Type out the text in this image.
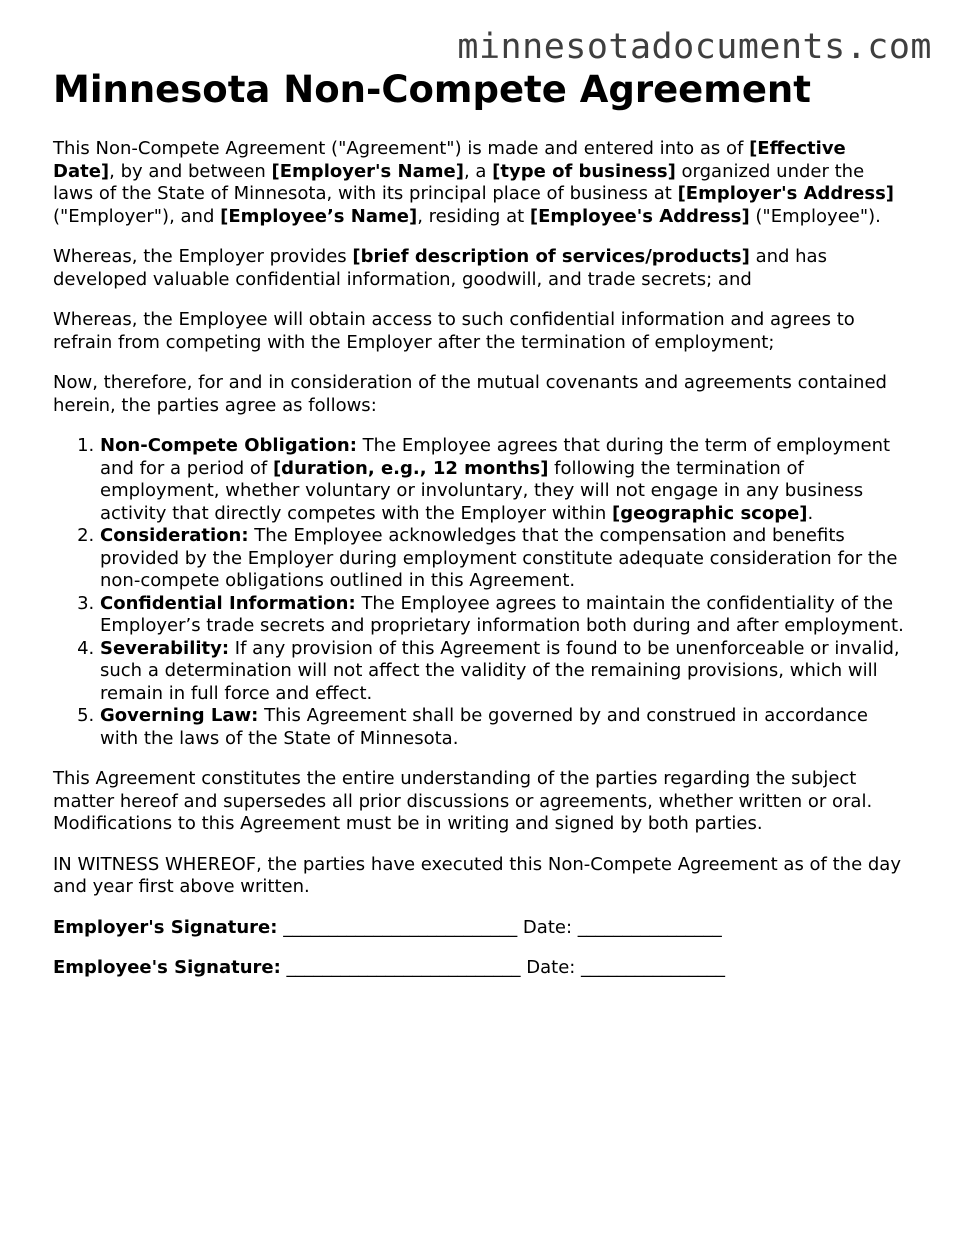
minnesotadocuments.com
Minnesota Non-Compete Agreement

This Non-Compete Agreement ("Agreement") is made and entered into as of [Effective Date], by and between [Employer's Name], a [type of business] organized under the laws of the State of Minnesota, with its principal place of business at [Employer's Address] ("Employer"), and [Employee’s Name], residing at [Employee's Address] ("Employee").

Whereas, the Employer provides [brief description of services/products] and has developed valuable confidential information, goodwill, and trade secrets; and

Whereas, the Employee will obtain access to such confidential information and agrees to refrain from competing with the Employer after the termination of employment;

Now, therefore, for and in consideration of the mutual covenants and agreements contained herein, the parties agree as follows:

1. Non-Compete Obligation: The Employee agrees that during the term of employment and for a period of [duration, e.g., 12 months] following the termination of employment, whether voluntary or involuntary, they will not engage in any business activity that directly competes with the Employer within [geographic scope].
2. Consideration: The Employee acknowledges that the compensation and benefits provided by the Employer during employment constitute adequate consideration for the non-compete obligations outlined in this Agreement.
3. Confidential Information: The Employee agrees to maintain the confidentiality of the Employer’s trade secrets and proprietary information both during and after employment.
4. Severability: If any provision of this Agreement is found to be unenforceable or invalid, such a determination will not affect the validity of the remaining provisions, which will remain in full force and effect.
5. Governing Law: This Agreement shall be governed by and construed in accordance with the laws of the State of Minnesota.

This Agreement constitutes the entire understanding of the parties regarding the subject matter hereof and supersedes all prior discussions or agreements, whether written or oral. Modifications to this Agreement must be in writing and signed by both parties.

IN WITNESS WHEREOF, the parties have executed this Non-Compete Agreement as of the day and year first above written.

Employer's Signature: __________________________ Date: ________________
Employee's Signature: __________________________ Date: ________________
